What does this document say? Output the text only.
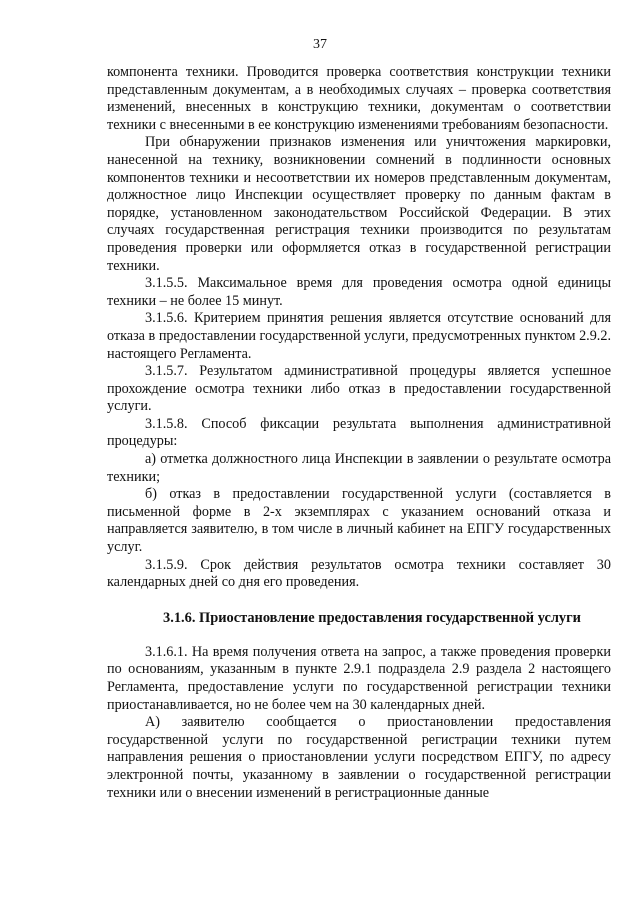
37

компонента техники. Проводится проверка соответствия конструкции техники представленным документам, а в необходимых случаях – проверка соответствия изменений, внесенных в конструкцию техники, документам о соответствии техники с внесенными в ее конструкцию изменениями требованиям безопасности.

При обнаружении признаков изменения или уничтожения маркировки, нанесенной на технику, возникновении сомнений в подлинности основных компонентов техники и несоответствии их номеров представленным документам, должностное лицо Инспекции осуществляет проверку по данным фактам в порядке, установленном законодательством Российской Федерации. В этих случаях государственная регистрация техники производится по результатам проведения проверки или оформляется отказ в государственной регистрации техники.

3.1.5.5. Максимальное время для проведения осмотра одной единицы техники – не более 15 минут.

3.1.5.6. Критерием принятия решения является отсутствие оснований для отказа в предоставлении государственной услуги, предусмотренных пунктом 2.9.2. настоящего Регламента.

3.1.5.7. Результатом административной процедуры является успешное прохождение осмотра техники либо отказ в предоставлении государственной услуги.

3.1.5.8. Способ фиксации результата выполнения административной процедуры:

а) отметка должностного лица Инспекции в заявлении о результате осмотра техники;

б) отказ в предоставлении государственной услуги (составляется в письменной форме в 2-х экземплярах с указанием оснований отказа и направляется заявителю, в том числе в личный кабинет на ЕПГУ государственных услуг.

3.1.5.9. Срок действия результатов осмотра техники составляет 30 календарных дней со дня его проведения.

3.1.6. Приостановление предоставления государственной услуги

3.1.6.1. На время получения ответа на запрос, а также проведения проверки по основаниям, указанным в пункте 2.9.1 подраздела 2.9 раздела 2 настоящего Регламента, предоставление услуги по государственной регистрации техники приостанавливается, но не более чем на 30 календарных дней.

А) заявителю сообщается о приостановлении предоставления государственной услуги по государственной регистрации техники путем направления решения о приостановлении услуги посредством ЕПГУ, по адресу электронной почты, указанному в заявлении о государственной регистрации техники или о внесении изменений в регистрационные данные
